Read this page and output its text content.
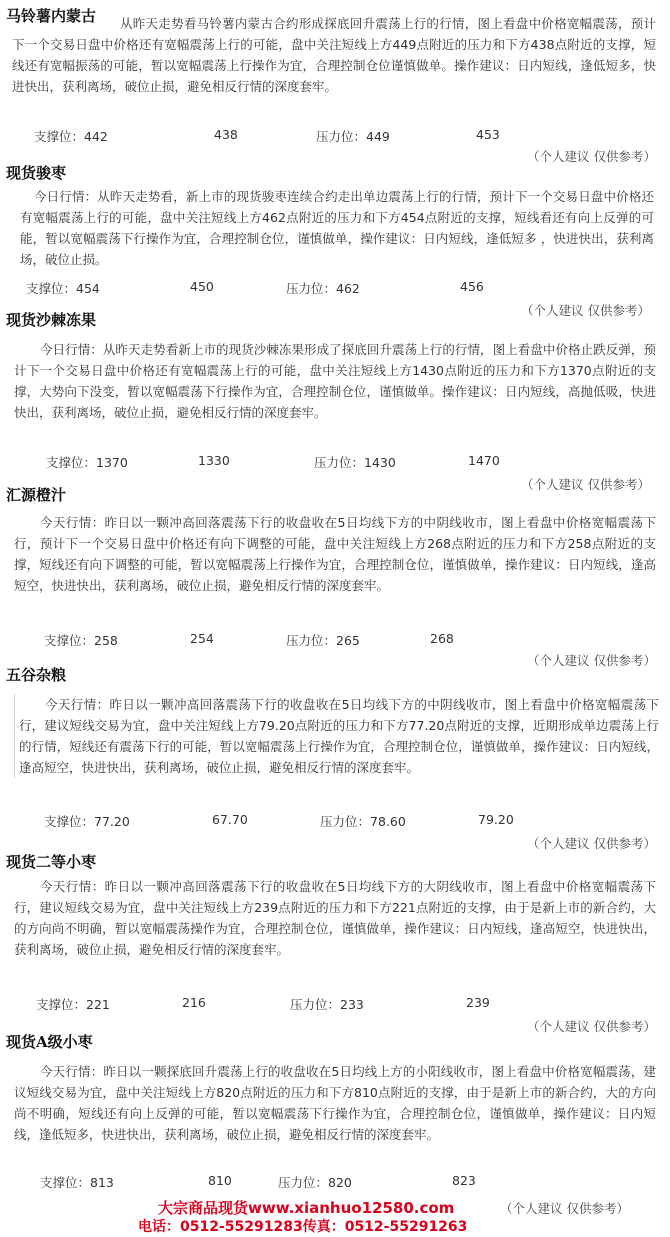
马铃薯内蒙古	从昨天走势看马铃薯内蒙古合约形成探底回升震荡上行的行情，图上看盘中价格宽幅震荡，预计下一个交易日盘中价格还有宽幅震荡上行的可能，盘中关注短线上方449点附近的压力和下方438点附近的支撑，短线还有宽幅振荡的可能，暂以宽幅震荡上行操作为宜，合理控制仓位谨慎做单。操作建议：日内短线，逢低短多，快进快出，获利离场，破位止损，避免相反行情的深度套牢。
支撑位：442	438	压力位：449	453
（个人建议 仅供参考）
现货骏枣
今日行情：从昨天走势看，新上市的现货骏枣连续合约走出单边震荡上行的行情，预计下一个交易日盘中价格还有宽幅震荡上行的可能，盘中关注短线上方462点附近的压力和下方454点附近的支撑，短线看还有向上反弹的可能，暂以宽幅震荡下行操作为宜，合理控制仓位，谨慎做单，操作建议：日内短线，逢低短多 ，快进快出，获利离场，破位止损。
支撑位：454	450	压力位：462	456
（个人建议 仅供参考）
现货沙棘冻果
今日行情：从昨天走势看新上市的现货沙棘冻果形成了探底回升震荡上行的行情，图上看盘中价格止跌反弹，预计下一个交易日盘中价格还有宽幅震荡上行的可能，盘中关注短线上方1430点附近的压力和下方1370点附近的支撑，大势向下没变，暂以宽幅震荡下行操作为宜，合理控制仓位，谨慎做单。操作建议：日内短线，高抛低吸，快进快出，获利离场，破位止损，避免相反行情的深度套牢。
支撑位：1370	1330	压力位：1430	1470
（个人建议 仅供参考）
汇源橙汁
今天行情：昨日以一颗冲高回落震荡下行的收盘收在5日均线下方的中阴线收市，图上看盘中价格宽幅震荡下行，预计下一个交易日盘中价格还有向下调整的可能，盘中关注短线上方268点附近的压力和下方258点附近的支撑，短线还有向下调整的可能，暂以宽幅震荡上行操作为宜，合理控制仓位，谨慎做单，操作建议：日内短线，逢高短空，快进快出，获利离场，破位止损，避免相反行情的深度套牢。
支撑位：258	254	压力位：265	268
（个人建议 仅供参考）
五谷杂粮
今天行情：昨日以一颗冲高回落震荡下行的收盘收在5日均线下方的中阴线收市，图上看盘中价格宽幅震荡下行，建议短线交易为宜，盘中关注短线上方79.20点附近的压力和下方77.20点附近的支撑，近期形成单边震荡上行的行情，短线还有震荡下行的可能，暂以宽幅震荡上行操作为宜，合理控制仓位，谨慎做单，操作建议：日内短线，逢高短空，快进快出，获利离场，破位止损，避免相反行情的深度套牢。
支撑位：77.20	67.70	压力位：78.60	79.20
（个人建议 仅供参考）
现货二等小枣
今天行情：昨日以一颗冲高回落震荡下行的收盘收在5日均线下方的大阴线收市，图上看盘中价格宽幅震荡下行，建议短线交易为宜，盘中关注短线上方239点附近的压力和下方221点附近的支撑，由于是新上市的新合约，大的方向尚不明确，暂以宽幅震荡操作为宜，合理控制仓位，谨慎做单，操作建议：日内短线，逢高短空，快进快出，获利离场，破位止损，避免相反行情的深度套牢。
支撑位：221	216	压力位：233	239
（个人建议 仅供参考）
现货A级小枣
今天行情：昨日以一颗探底回升震荡上行的收盘收在5日均线上方的小阳线收市，图上看盘中价格宽幅震荡，建议短线交易为宜，盘中关注短线上方820点附近的压力和下方810点附近的支撑，由于是新上市的新合约，大的方向尚不明确，短线还有向上反弹的可能，暂以宽幅震荡下行操作为宜，合理控制仓位，谨慎做单，操作建议：日内短线，逢低短多，快进快出，获利离场，破位止损，避免相反行情的深度套牢。
支撑位：813	810	压力位：820	823
大宗商品现货www.xianhuo12580.com	（个人建议 仅供参考）
电话：0512-55291283传真：0512-55291263
